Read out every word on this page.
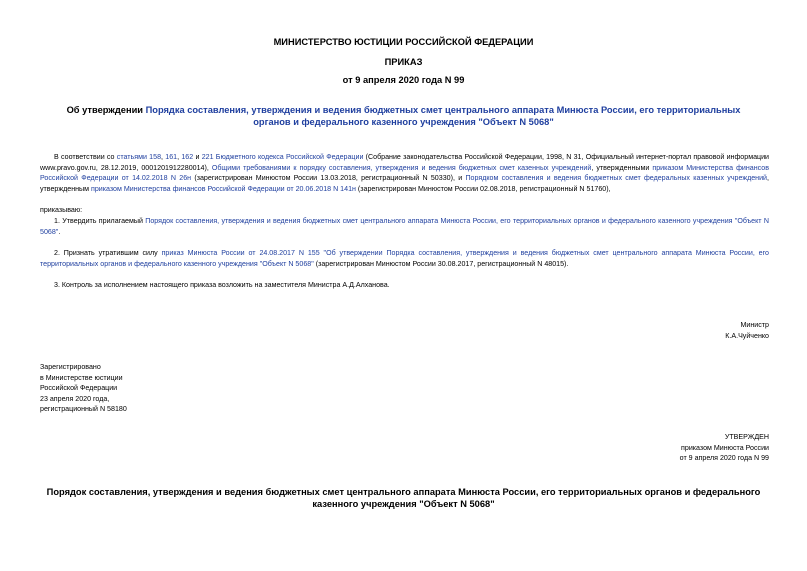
МИНИСТЕРСТВО ЮСТИЦИИ РОССИЙСКОЙ ФЕДЕРАЦИИ
ПРИКАЗ
от 9 апреля 2020 года N 99
Об утверждении Порядка составления, утверждения и ведения бюджетных смет центрального аппарата Минюста России, его территориальных органов и федерального казенного учреждения "Объект N 5068"
В соответствии со статьями 158, 161, 162 и 221 Бюджетного кодекса Российской Федерации (Собрание законодательства Российской Федерации, 1998, N 31, Официальный интернет-портал правовой информации www.pravo.gov.ru, 28.12.2019, 0001201912280014), Общими требованиями к порядку составления, утверждения и ведения бюджетных смет казенных учреждений, утвержденными приказом Министерства финансов Российской Федерации от 14.02.2018 N 26н (зарегистрирован Минюстом России 13.03.2018, регистрационный N 50330), и Порядком составления и ведения бюджетных смет федеральных казенных учреждений, утвержденным приказом Министерства финансов Российской Федерации от 20.06.2018 N 141н (зарегистрирован Минюстом России 02.08.2018, регистрационный N 51760),
приказываю:
1. Утвердить прилагаемый Порядок составления, утверждения и ведения бюджетных смет центрального аппарата Минюста России, его территориальных органов и федерального казенного учреждения "Объект N 5068".
2. Признать утратившим силу приказ Минюста России от 24.08.2017 N 155 "Об утверждении Порядка составления, утверждения и ведения бюджетных смет центрального аппарата Минюста России, его территориальных органов и федерального казенного учреждения "Объект N 5068" (зарегистрирован Минюстом России 30.08.2017, регистрационный N 48015).
3. Контроль за исполнением настоящего приказа возложить на заместителя Министра А.Д.Алханова.
Министр
К.А.Чуйченко
Зарегистрировано
в Министерстве юстиции
Российской Федерации
23 апреля 2020 года,
регистрационный N 58180
УТВЕРЖДЕН
приказом Минюста России
от 9 апреля 2020 года N 99
Порядок составления, утверждения и ведения бюджетных смет центрального аппарата Минюста России, его территориальных органов и федерального казенного учреждения "Объект N 5068"
